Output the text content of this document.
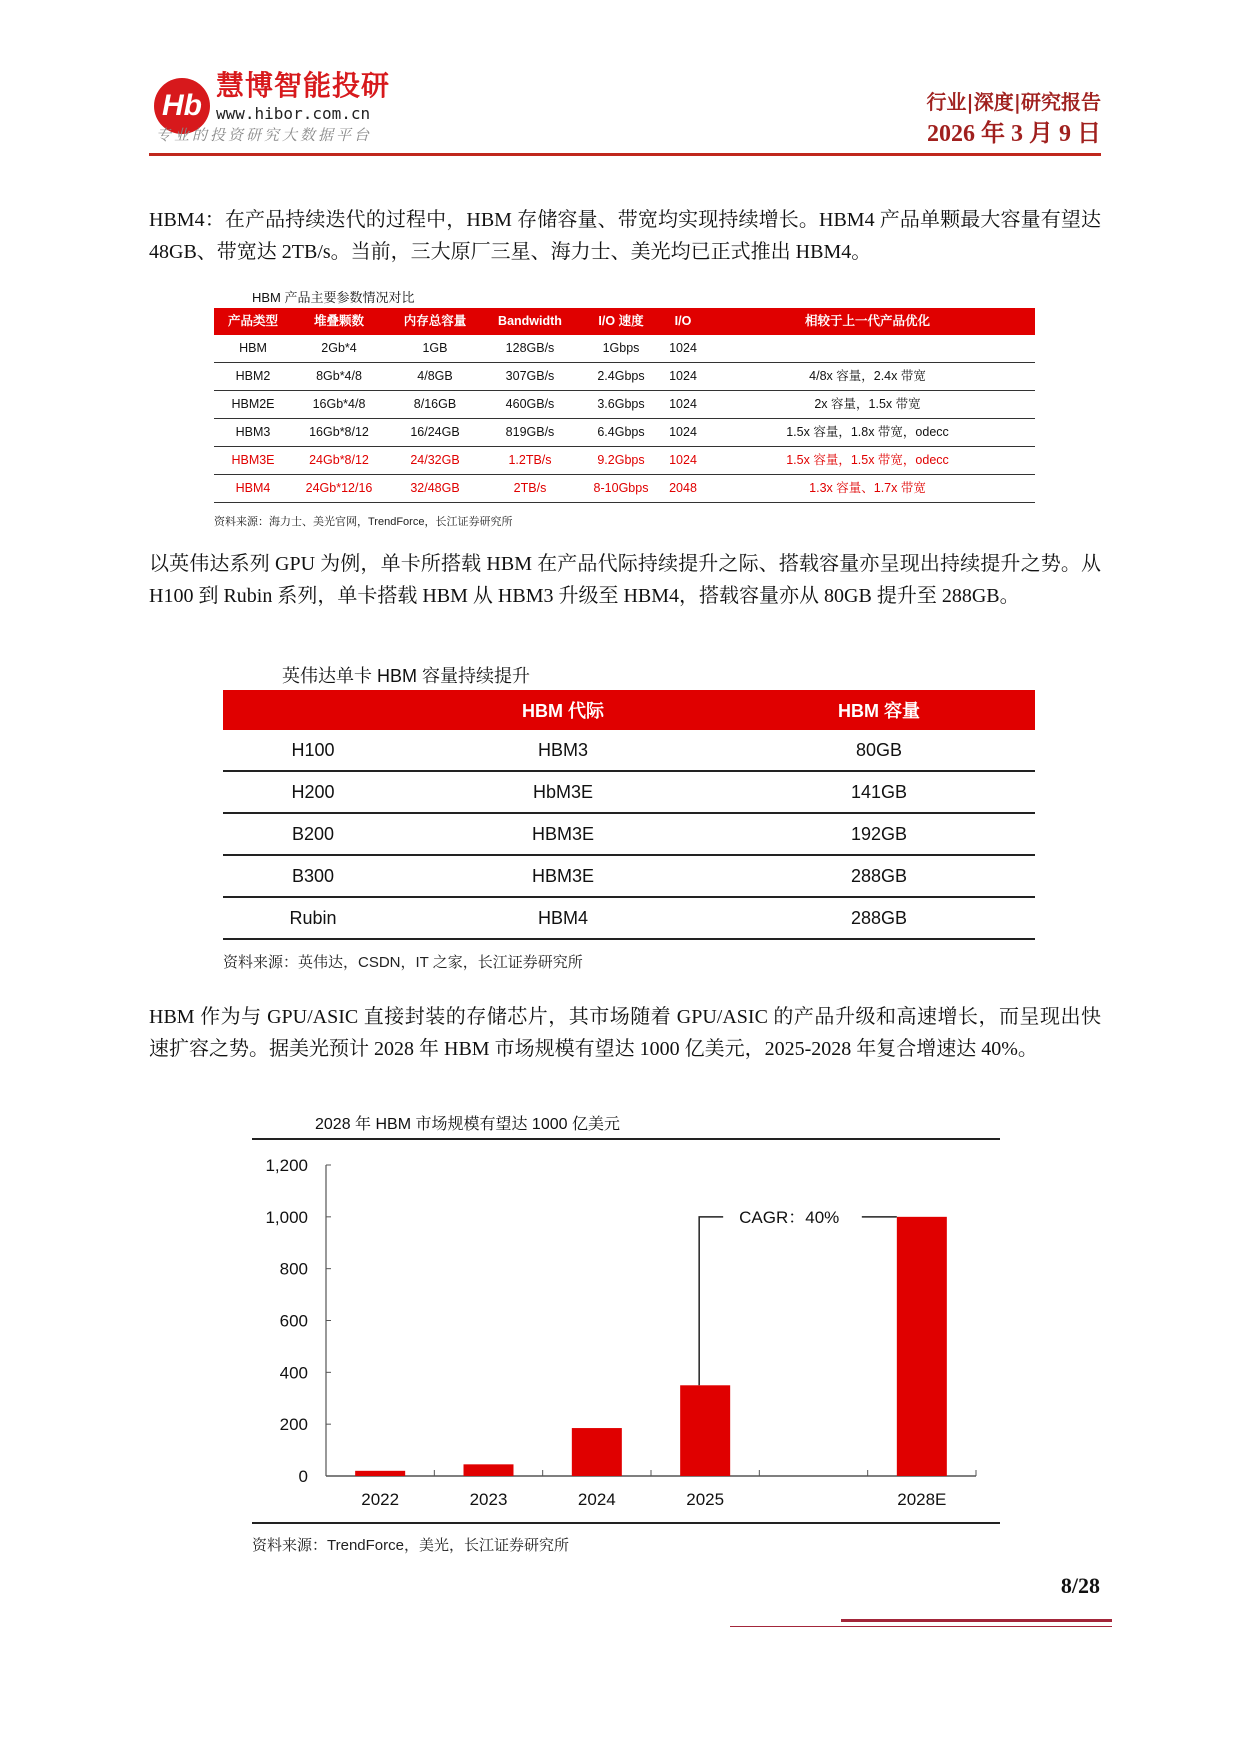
Hb
慧博智能投研
www.hibor.com.cn
专业的投资研究大数据平台
行业|深度|研究报告
2026 年 3 月 9 日

HBM4：在产品持续迭代的过程中，HBM 存储容量、带宽均实现持续增长。HBM4 产品单颗最大容量有望达 48GB、带宽达 2TB/s。当前，三大原厂三星、海力士、美光均已正式推出 HBM4。

HBM 产品主要参数情况对比
产品类型	堆叠颗数	内存总容量	Bandwidth	I/O 速度	I/O	相较于上一代产品优化
HBM	2Gb*4	1GB	128GB/s	1Gbps	1024	
HBM2	8Gb*4/8	4/8GB	307GB/s	2.4Gbps	1024	4/8x 容量，2.4x 带宽
HBM2E	16Gb*4/8	8/16GB	460GB/s	3.6Gbps	1024	2x 容量，1.5x 带宽
HBM3	16Gb*8/12	16/24GB	819GB/s	6.4Gbps	1024	1.5x 容量，1.8x 带宽，odecc
HBM3E	24Gb*8/12	24/32GB	1.2TB/s	9.2Gbps	1024	1.5x 容量，1.5x 带宽，odecc
HBM4	24Gb*12/16	32/48GB	2TB/s	8-10Gbps	2048	1.3x 容量、1.7x 带宽
资料来源：海力士、美光官网，TrendForce，长江证券研究所

以英伟达系列 GPU 为例，单卡所搭载 HBM 在产品代际持续提升之际、搭载容量亦呈现出持续提升之势。从 H100 到 Rubin 系列，单卡搭载 HBM 从 HBM3 升级至 HBM4，搭载容量亦从 80GB 提升至 288GB。

英伟达单卡 HBM 容量持续提升
	HBM 代际	HBM 容量
H100	HBM3	80GB
H200	HbM3E	141GB
B200	HBM3E	192GB
B300	HBM3E	288GB
Rubin	HBM4	288GB
资料来源：英伟达，CSDN，IT 之家，长江证券研究所

HBM 作为与 GPU/ASIC 直接封装的存储芯片，其市场随着 GPU/ASIC 的产品升级和高速增长，而呈现出快速扩容之势。据美光预计 2028 年 HBM 市场规模有望达 1000 亿美元，2025-2028 年复合增速达 40%。

2028 年 HBM 市场规模有望达 1000 亿美元
0
200
400
600
800
1,000
1,200
2022	2023	2024	2025	2028E
CAGR：40%
资料来源：TrendForce，美光，长江证券研究所
8/28
